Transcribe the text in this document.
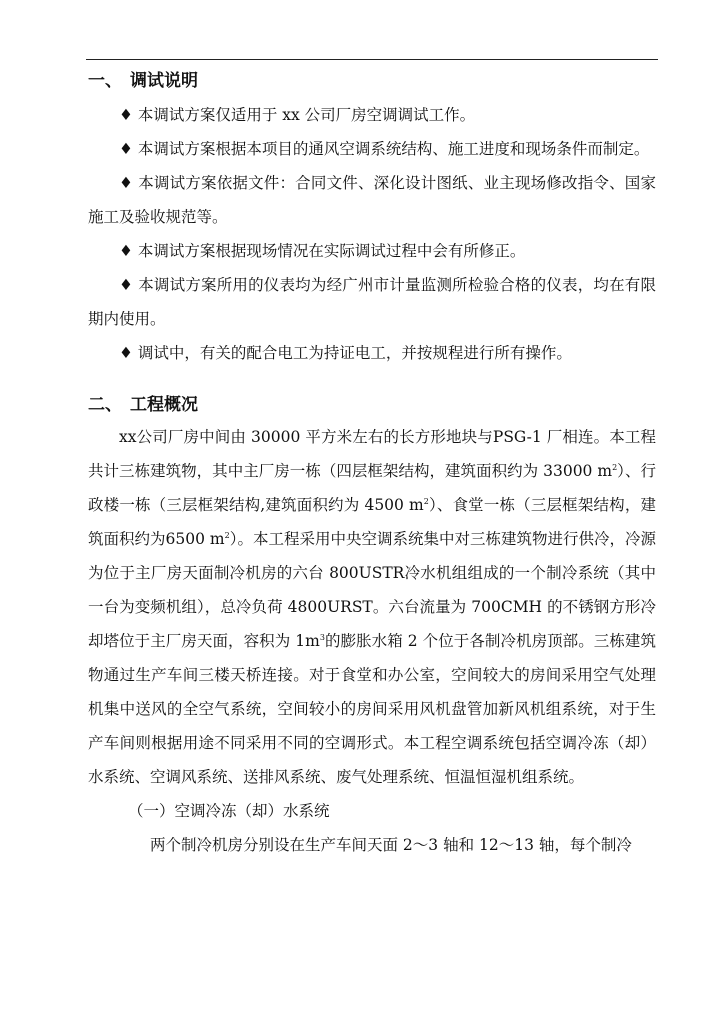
一、 调试说明

♦ 本调试方案仅适用于 xx 公司厂房空调调试工作。

♦ 本调试方案根据本项目的通风空调系统结构、施工进度和现场条件而制定。

♦ 本调试方案依据文件：合同文件、深化设计图纸、业主现场修改指令、国家施工及验收规范等。

♦ 本调试方案根据现场情况在实际调试过程中会有所修正。

♦ 本调试方案所用的仪表均为经广州市计量监测所检验合格的仪表，均在有限期内使用。

♦ 调试中，有关的配合电工为持证电工，并按规程进行所有操作。

二、 工程概况

xx公司厂房中间由 30000 平方米左右的长方形地块与PSG-1 厂相连。本工程共计三栋建筑物，其中主厂房一栋（四层框架结构，建筑面积约为 33000 $m^2$）、行政楼一栋（三层框架结构,建筑面积约为 4500 $m^2$）、食堂一栋（三层框架结构，建筑面积约为6500 $m^2$）。本工程采用中央空调系统集中对三栋建筑物进行供冷，冷源为位于主厂房天面制冷机房的六台 800USTR冷水机组组成的一个制冷系统（其中一台为变频机组），总冷负荷 4800URST。六台流量为 700CMH 的不锈钢方形冷却塔位于主厂房天面，容积为 $1m^3$的膨胀水箱 2 个位于各制冷机房顶部。三栋建筑物通过生产车间三楼天桥连接。对于食堂和办公室，空间较大的房间采用空气处理机集中送风的全空气系统，空间较小的房间采用风机盘管加新风机组系统，对于生产车间则根据用途不同采用不同的空调形式。本工程空调系统包括空调冷冻（却）水系统、空调风系统、送排风系统、废气处理系统、恒温恒湿机组系统。

（一）空调冷冻（却）水系统

两个制冷机房分别设在生产车间天面 2～3 轴和 12～13 轴，每个制冷
